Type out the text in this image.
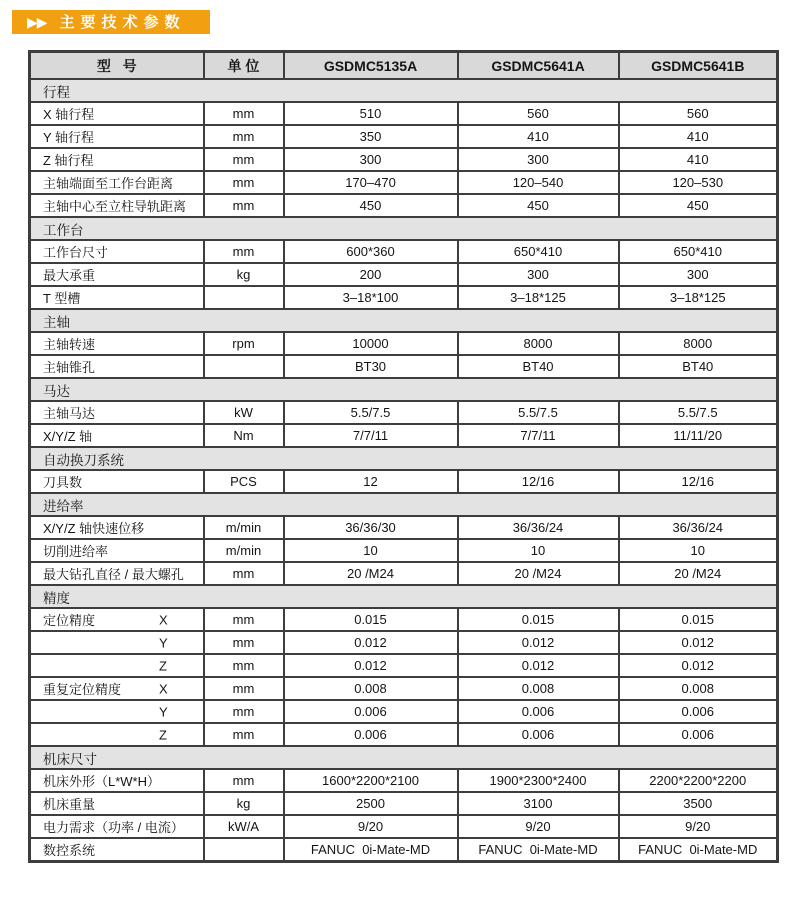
▶▶ 主要技术参数
型   号	单 位	GSDMC5135A	GSDMC5641A	GSDMC5641B
行程				
X 轴行程	mm	510	560	560
Y 轴行程	mm	350	410	410
Z 轴行程	mm	300	300	410
主轴端面至工作台距离	mm	170–470	120–540	120–530
主轴中心至立柱导轨距离	mm	450	450	450
工作台				
工作台尺寸	mm	600*360	650*410	650*410
最大承重	kg	200	300	300
T 型槽		3–18*100	3–18*125	3–18*125
主轴				
主轴转速	rpm	10000	8000	8000
主轴锥孔		BT30	BT40	BT40
马达				
主轴马达	kW	5.5/7.5	5.5/7.5	5.5/7.5
X/Y/Z 轴	Nm	7/7/11	7/7/11	11/11/20
自动换刀系统				
刀具数	PCS	12	12/16	12/16
进给率				
X/Y/Z 轴快速位移	m/min	36/36/30	36/36/24	36/36/24
切削进给率	m/min	10	10	10
最大钻孔直径 / 最大螺孔	mm	20 /M24	20 /M24	20 /M24
精度				
定位精度 X	mm	0.015	0.015	0.015

Y	mm	0.012	0.012	0.012

Z	mm	0.012	0.012	0.012
重复定位精度 X	mm	0.008	0.008	0.008

Y	mm	0.006	0.006	0.006

Z	mm	0.006	0.006	0.006
机床尺寸				
机床外形（L*W*H）	mm	1600*2200*2100	1900*2300*2400	2200*2200*2200
机床重量	kg	2500	3100	3500
电力需求（功率 / 电流）	kW/A	9/20	9/20	9/20
数控系统		FANUC  0i-Mate-MD	FANUC  0i-Mate-MD	FANUC  0i-Mate-MD
